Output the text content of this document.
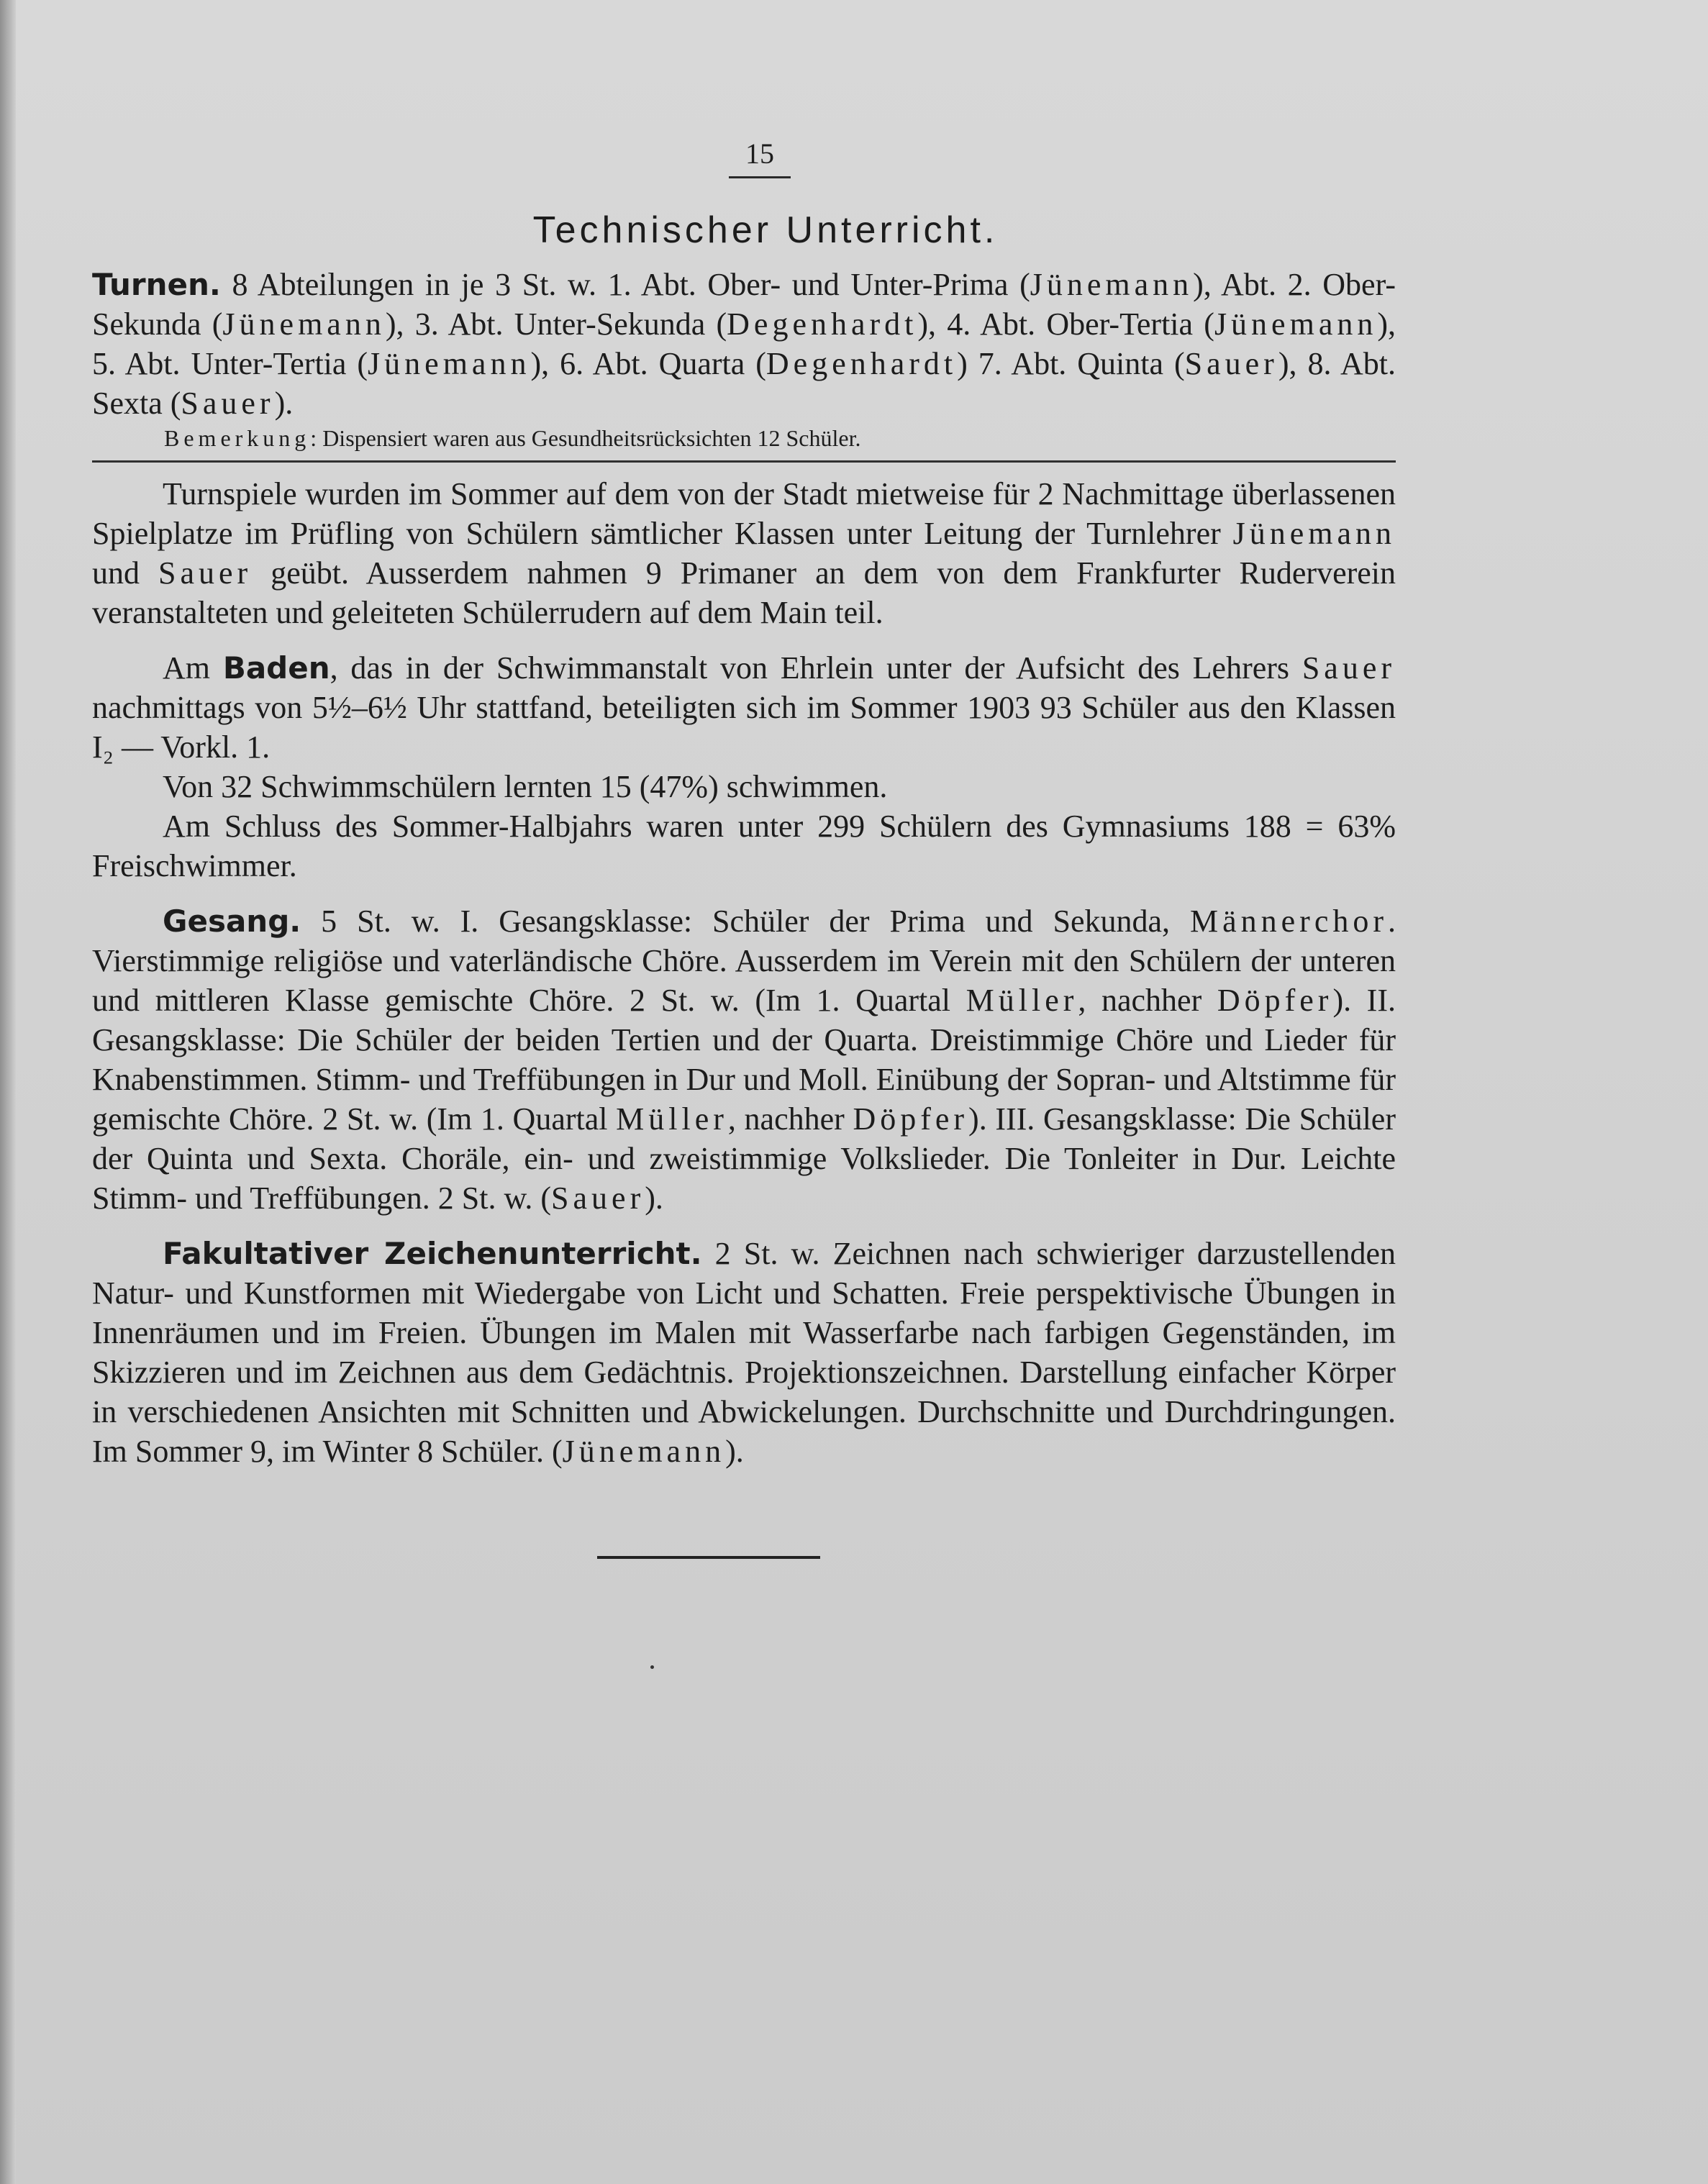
15
Technischer Unterricht.

Turnen. 8 Abteilungen in je 3 St. w. 1. Abt. Ober- und Unter-Prima (Jünemann), Abt. 2. Ober-Sekunda (Jünemann), 3. Abt. Unter-Sekunda (Degenhardt), 4. Abt. Ober-Tertia (Jünemann), 5. Abt. Unter-Tertia (Jünemann), 6. Abt. Quarta (Degenhardt) 7. Abt. Quinta (Sauer), 8. Abt. Sexta (Sauer).

Bemerkung: Dispensiert waren aus Gesundheitsrücksichten 12 Schüler.

Turnspiele wurden im Sommer auf dem von der Stadt mietweise für 2 Nachmittage überlassenen Spielplatze im Prüfling von Schülern sämtlicher Klassen unter Leitung der Turnlehrer Jünemann und Sauer geübt. Ausserdem nahmen 9 Primaner an dem von dem Frankfurter Ruderverein veranstalteten und geleiteten Schülerrudern auf dem Main teil.

Am Baden, das in der Schwimmanstalt von Ehrlein unter der Aufsicht des Lehrers Sauer nachmittags von 5½–6½ Uhr stattfand, beteiligten sich im Sommer 1903 93 Schüler aus den Klassen I₂ — Vorkl. 1.

Von 32 Schwimmschülern lernten 15 (47%) schwimmen.

Am Schluss des Sommer-Halbjahrs waren unter 299 Schülern des Gymnasiums 188 = 63% Freischwimmer.

Gesang. 5 St. w. I. Gesangsklasse: Schüler der Prima und Sekunda, Männerchor. Vierstimmige religiöse und vaterländische Chöre. Ausserdem im Verein mit den Schülern der unteren und mittleren Klasse gemischte Chöre. 2 St. w. (Im 1. Quartal Müller, nachher Döpfer). II. Gesangsklasse: Die Schüler der beiden Tertien und der Quarta. Dreistimmige Chöre und Lieder für Knabenstimmen. Stimm- und Treffübungen in Dur und Moll. Einübung der Sopran- und Altstimme für gemischte Chöre. 2 St. w. (Im 1. Quartal Müller, nachher Döpfer). III. Gesangsklasse: Die Schüler der Quinta und Sexta. Choräle, ein- und zweistimmige Volkslieder. Die Tonleiter in Dur. Leichte Stimm- und Treffübungen. 2 St. w. (Sauer).

Fakultativer Zeichenunterricht. 2 St. w. Zeichnen nach schwieriger darzustellenden Natur- und Kunstformen mit Wiedergabe von Licht und Schatten. Freie perspektivische Übungen in Innenräumen und im Freien. Übungen im Malen mit Wasserfarbe nach farbigen Gegenständen, im Skizzieren und im Zeichnen aus dem Gedächtnis. Projektionszeichnen. Darstellung einfacher Körper in verschiedenen Ansichten mit Schnitten und Abwickelungen. Durchschnitte und Durchdringungen. Im Sommer 9, im Winter 8 Schüler. (Jünemann).
